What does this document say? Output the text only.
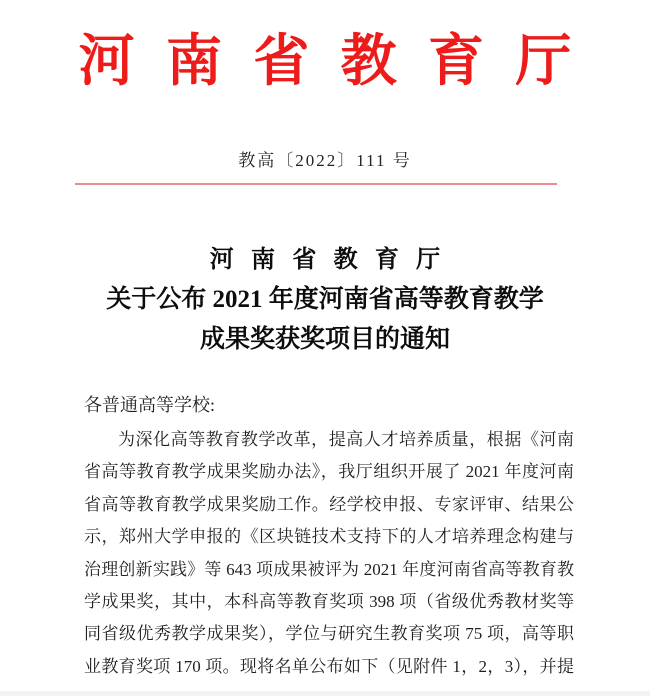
河南省教育厅
教高〔2022〕111 号
河南省教育厅
关于公布 2021 年度河南省高等教育教学
成果奖获奖项目的通知
各普通高等学校:
为深化高等教育教学改革，提高人才培养质量，根据《河南
省高等教育教学成果奖励办法》，我厅组织开展了 2021 年度河南
省高等教育教学成果奖励工作。经学校申报、专家评审、结果公
示，郑州大学申报的《区块链技术支持下的人才培养理念构建与
治理创新实践》等 643 项成果被评为 2021 年度河南省高等教育教
学成果奖，其中，本科高等教育奖项 398 项（省级优秀教材奖等
同省级优秀教学成果奖），学位与研究生教育奖项 75 项，高等职
业教育奖项 170 项。现将名单公布如下（见附件 1，2，3），并提
